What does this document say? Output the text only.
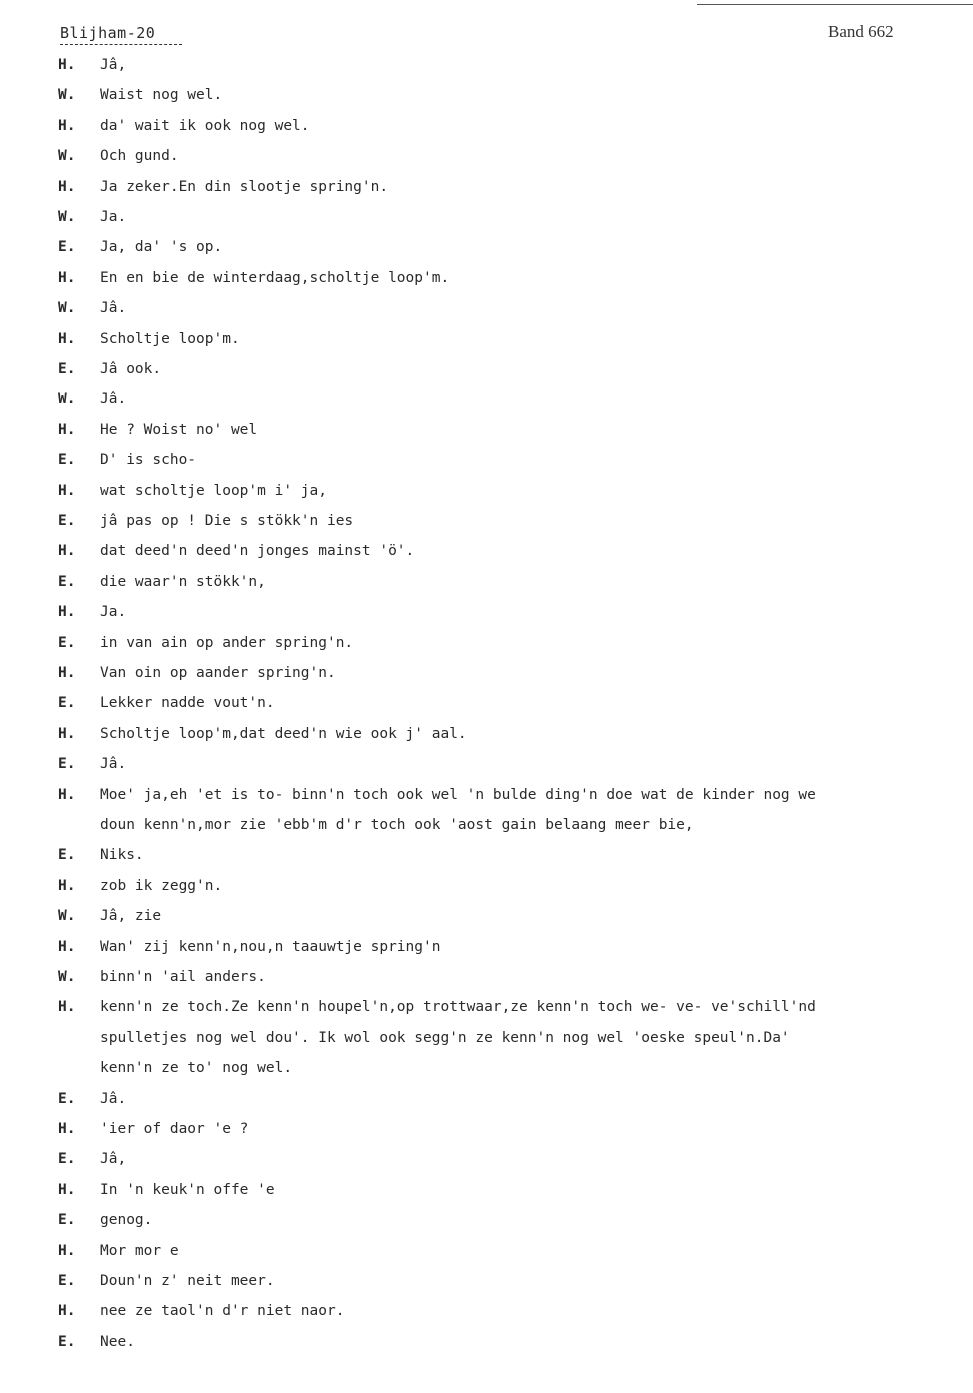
Blijham-20	Band 662
H.	Jâ,
W.	Waist nog wel.
H.	da' wait ik ook nog wel.
W.	Och gund.
H.	Ja zeker.En din slootje spring'n.
W.	Ja.
E.	Ja, da' 's op.
H.	En en bie de winterdaag,scholtje loop'm.
W.	Jâ.
H.	Scholtje loop'm.
E.	Jâ ook.
W.	Jâ.
H.	He ? Woist no' wel
E.	D' is scho-
H.	wat scholtje loop'm i' ja,
E.	jâ pas op ! Die s stökk'n ies
H.	dat deed'n deed'n jonges mainst 'ö'.
E.	die waar'n stökk'n,
H.	Ja.
E.	in van ain op ander spring'n.
H.	Van oin op aander spring'n.
E.	Lekker nadde vout'n.
H.	Scholtje loop'm,dat deed'n wie ook j' aal.
E.	Jâ.
H.	Moe' ja,eh 'et is to- binn'n toch ook wel 'n bulde ding'n doe wat de kinder nog we
doun kenn'n,mor zie 'ebb'm d'r toch ook 'aost gain belaang meer bie,
E.	Niks.
H.	zob ik zegg'n.
W.	Jâ, zie
H.	Wan' zij kenn'n,nou,n taauwtje spring'n
W.	binn'n 'ail anders.
H.	kenn'n ze toch.Ze kenn'n houpel'n,op trottwaar,ze kenn'n toch we- ve- ve'schill'nd
spulletjes nog wel dou'. Ik wol ook segg'n ze kenn'n nog wel 'oeske speul'n.Da'
kenn'n ze to' nog wel.
E.	Jâ.
H.	'ier of daor 'e ?
E.	Jâ,
H.	In 'n keuk'n offe 'e
E.	genog.
H.	Mor mor e
E.	Doun'n z' neit meer.
H.	nee ze taol'n d'r niet naor.
E.	Nee.
